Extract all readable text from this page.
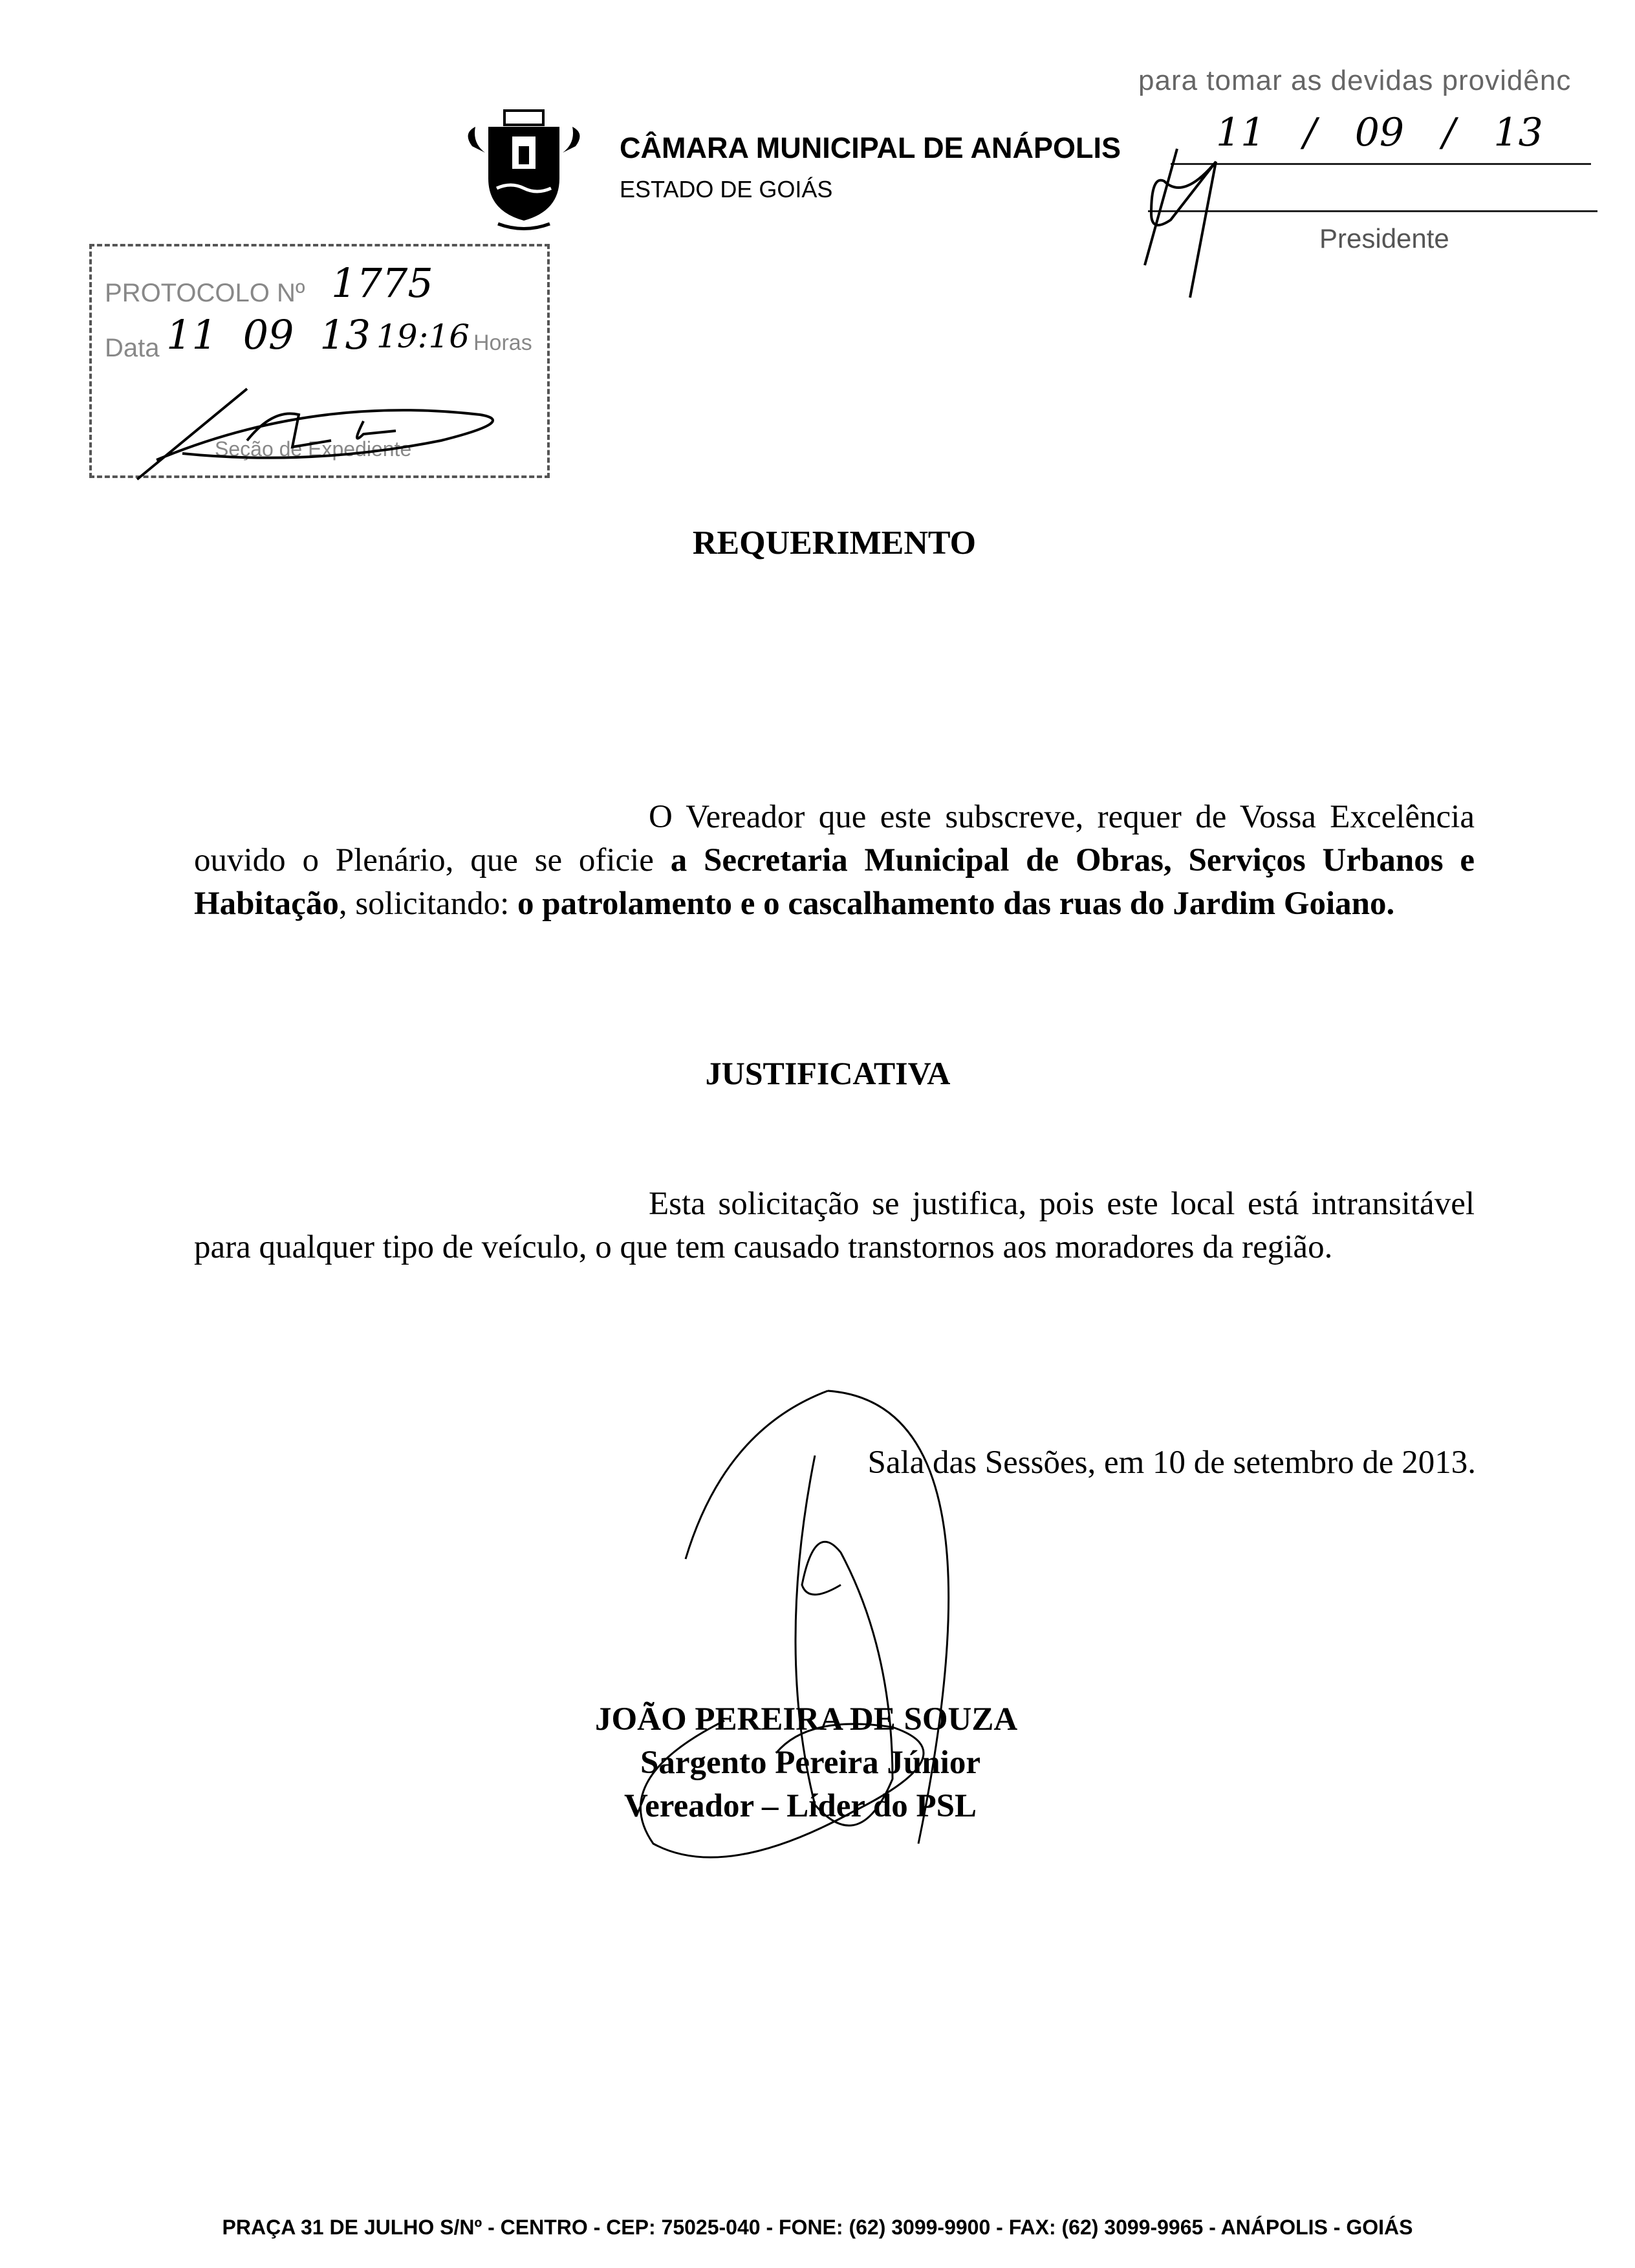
CÂMARA MUNICIPAL DE ANÁPOLIS
ESTADO DE GOIÁS
para tomar as devidas providênc
11 / 09 / 13
Presidente
PROTOCOLO Nº 1775
Data 11 09 13 19:16 Horas
Seção de Expediente
REQUERIMENTO
O Vereador que este subscreve, requer de Vossa Excelência ouvido o Plenário, que se oficie a Secretaria Municipal de Obras, Serviços Urbanos e Habitação, solicitando: o patrolamento e o cascalhamento das ruas do Jardim Goiano.
JUSTIFICATIVA
Esta solicitação se justifica, pois este local está intransitável para qualquer tipo de veículo, o que tem causado transtornos aos moradores da região.
Sala das Sessões, em 10 de setembro de 2013.
JOÃO PEREIRA DE SOUZA
Sargento Pereira Júnior
Vereador – Líder do PSL
PRAÇA 31 DE JULHO S/Nº - CENTRO - CEP: 75025-040 - FONE: (62) 3099-9900 - FAX: (62) 3099-9965 - ANÁPOLIS - GOIÁS
